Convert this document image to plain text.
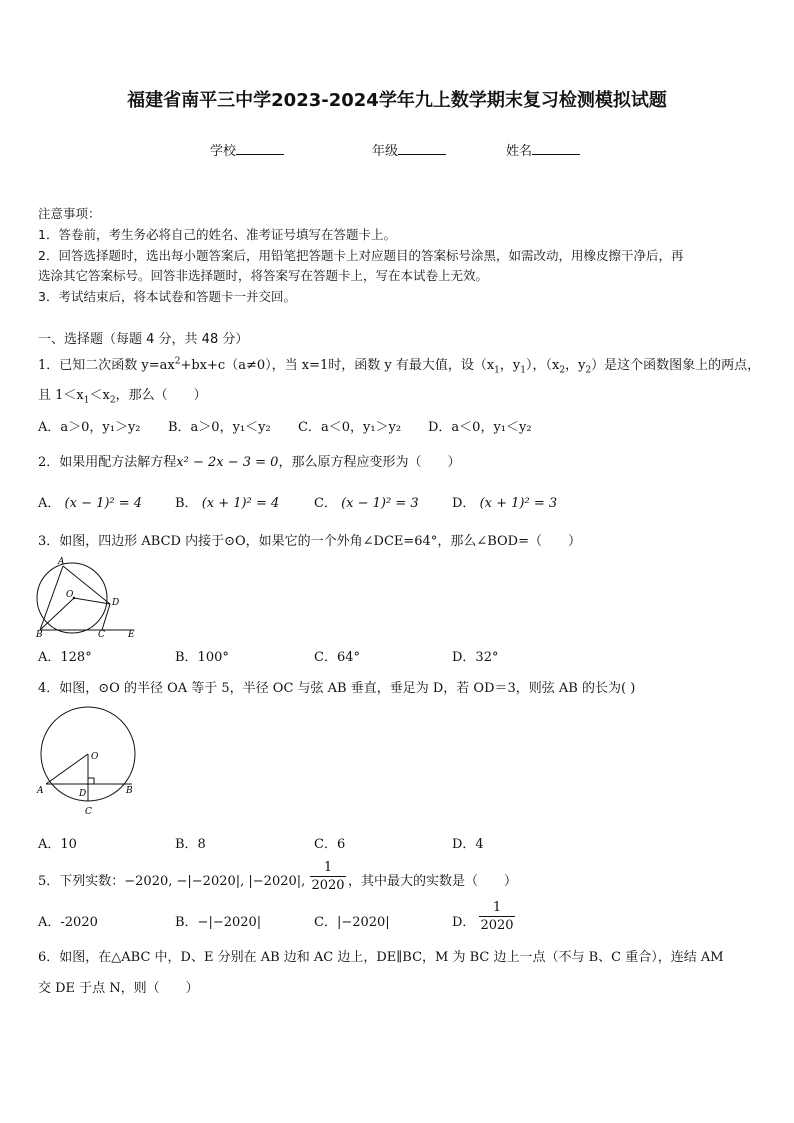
福建省南平三中学2023-2024学年九上数学期末复习检测模拟试题
学校	年级	姓名
注意事项：
1．答卷前，考生务必将自己的姓名、准考证号填写在答题卡上。
2．回答选择题时，选出每小题答案后，用铅笔把答题卡上对应题目的答案标号涂黑，如需改动，用橡皮擦干净后，再
选涂其它答案标号。回答非选择题时，将答案写在答题卡上，写在本试卷上无效。
3．考试结束后，将本试卷和答题卡一并交回。
一、选择题（每题 4 分，共 48 分）
1．已知二次函数 $y=ax^2+bx+c(a\ne 0)$，当 x=1时，函数 y 有最大值，设（$x_1$，$y_1$），（$x_2$，$y_2$）是这个函数图象上的两点，
且 $1<x_1<x_2$，那么（　　）
A．a＞0，y₁＞y₂ B．a＞0，y₁＜y₂ C．a＜0，y₁＞y₂ D．a＜0，y₁＜y₂
2．如果用配方法解方程x² − 2x − 3 = 0，那么原方程应变形为（　　）
A． (x − 1)² = 4	B． (x + 1)² = 4	C． (x − 1)² = 3	D． (x + 1)² = 3
3．如图，四边形 ABCD 内接于⊙O，如果它的一个外角∠DCE=64°，那么∠BOD=（　　）
A
O
D
B	C	E
A．128°	B．100°	C．64°	D．32°
4．如图，⊙O 的半径 OA 等于 5，半径 OC 与弦 AB 垂直，垂足为 D，若 OD＝3，则弦 AB 的长为( )
O
A	D	B
C
A．10	B．8	C．6	D．4
5．下列实数：−2020, −|−2020|, |−2020|, $\frac{1}{2020}$ ，其中最大的实数是（　　）
A．-2020	B．−|−2020|	C．|−2020|	D． $\frac{1}{2020}$
6．如图，在△ABC 中，D、E 分别在 AB 边和 AC 边上，DE∥BC，M 为 BC 边上一点（不与 B、C 重合），连结 AM
交 DE 于点 N，则（　　）
